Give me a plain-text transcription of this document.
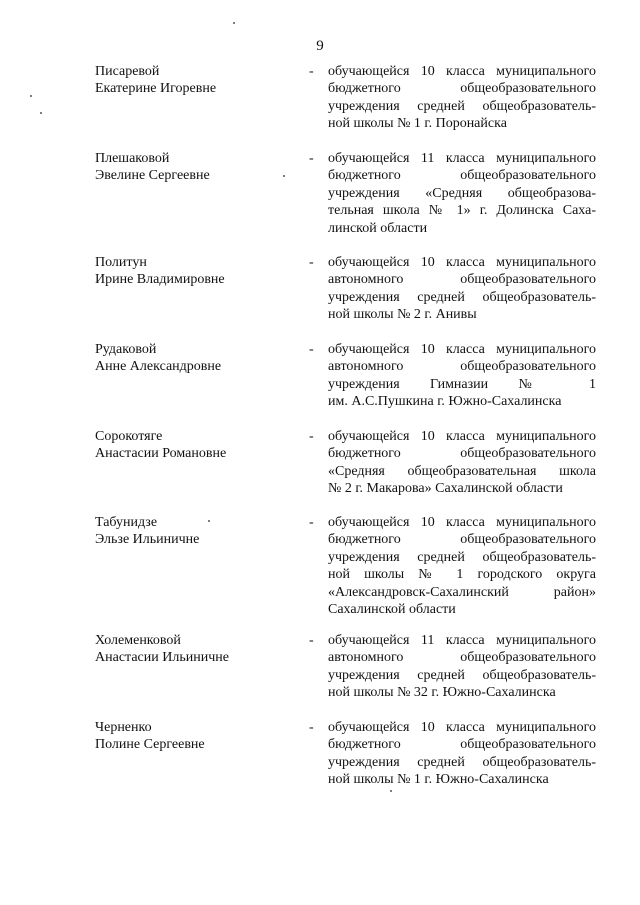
9
Писаревой
Екатерине Игоревне
- обучающейся 10 класса муниципального
бюджетного общеобразовательного
учреждения средней общеобразователь-
ной школы № 1 г. Поронайска
Плешаковой
Эвелине Сергеевне
- обучающейся 11 класса муниципального
бюджетного общеобразовательного
учреждения «Средняя общеобразова-
тельная школа № 1» г. Долинска Саха-
линской области
Политун
Ирине Владимировне
- обучающейся 10 класса муниципального
автономного общеобразовательного
учреждения средней общеобразователь-
ной школы № 2 г. Анивы
Рудаковой
Анне Александровне
- обучающейся 10 класса муниципального
автономного общеобразовательного
учреждения Гимназии № 1
им. А.С.Пушкина г. Южно-Сахалинска
Сорокотяге
Анастасии Романовне
- обучающейся 10 класса муниципального
бюджетного общеобразовательного
«Средняя общеобразовательная школа
№ 2 г. Макарова» Сахалинской области
Табунидзе
Эльзе Ильиничне
- обучающейся 10 класса муниципального
бюджетного общеобразовательного
учреждения средней общеобразователь-
ной школы № 1 городского округа
«Александровск-Сахалинский район»
Сахалинской области
Холеменковой
Анастасии Ильиничне
- обучающейся 11 класса муниципального
автономного общеобразовательного
учреждения средней общеобразователь-
ной школы № 32 г. Южно-Сахалинска
Черненко
Полине Сергеевне
- обучающейся 10 класса муниципального
бюджетного общеобразовательного
учреждения средней общеобразователь-
ной школы № 1 г. Южно-Сахалинска
